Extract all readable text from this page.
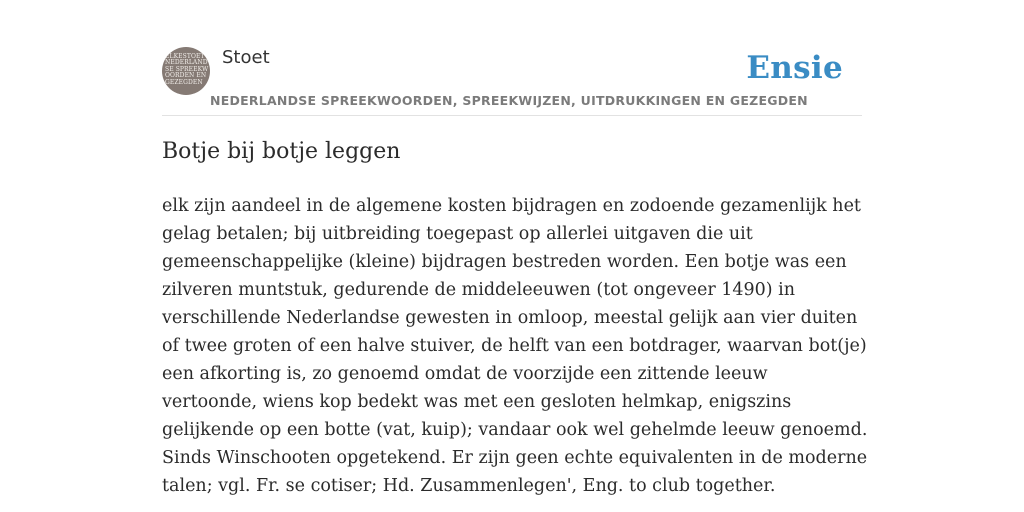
ELKESTOET NEDERLANDSE SPREEKWOORDEN EN GEZEGDEN
Stoet	Ensie
NEDERLANDSE SPREEKWOORDEN, SPREEKWIJZEN, UITDRUKKINGEN EN GEZEGDEN
Botje bij botje leggen

elk zijn aandeel in de algemene kosten bijdragen en zodoende gezamenlijk het gelag betalen; bij uitbreiding toegepast op allerlei uitgaven die uit gemeenschappelijke (kleine) bijdragen bestreden worden. Een botje was een zilveren muntstuk, gedurende de middeleeuwen (tot ongeveer 1490) in verschillende Nederlandse gewesten in omloop, meestal gelijk aan vier duiten of twee groten of een halve stuiver, de helft van een botdrager, waarvan bot(je) een afkorting is, zo genoemd omdat de voorzijde een zittende leeuw vertoonde, wiens kop bedekt was met een gesloten helmkap, enigszins gelijkende op een botte (vat, kuip); vandaar ook wel gehelmde leeuw genoemd. Sinds Winschooten opgetekend. Er zijn geen echte equivalenten in de moderne talen; vgl. Fr. se cotiser; Hd. Zusammenlegen', Eng. to club together.
